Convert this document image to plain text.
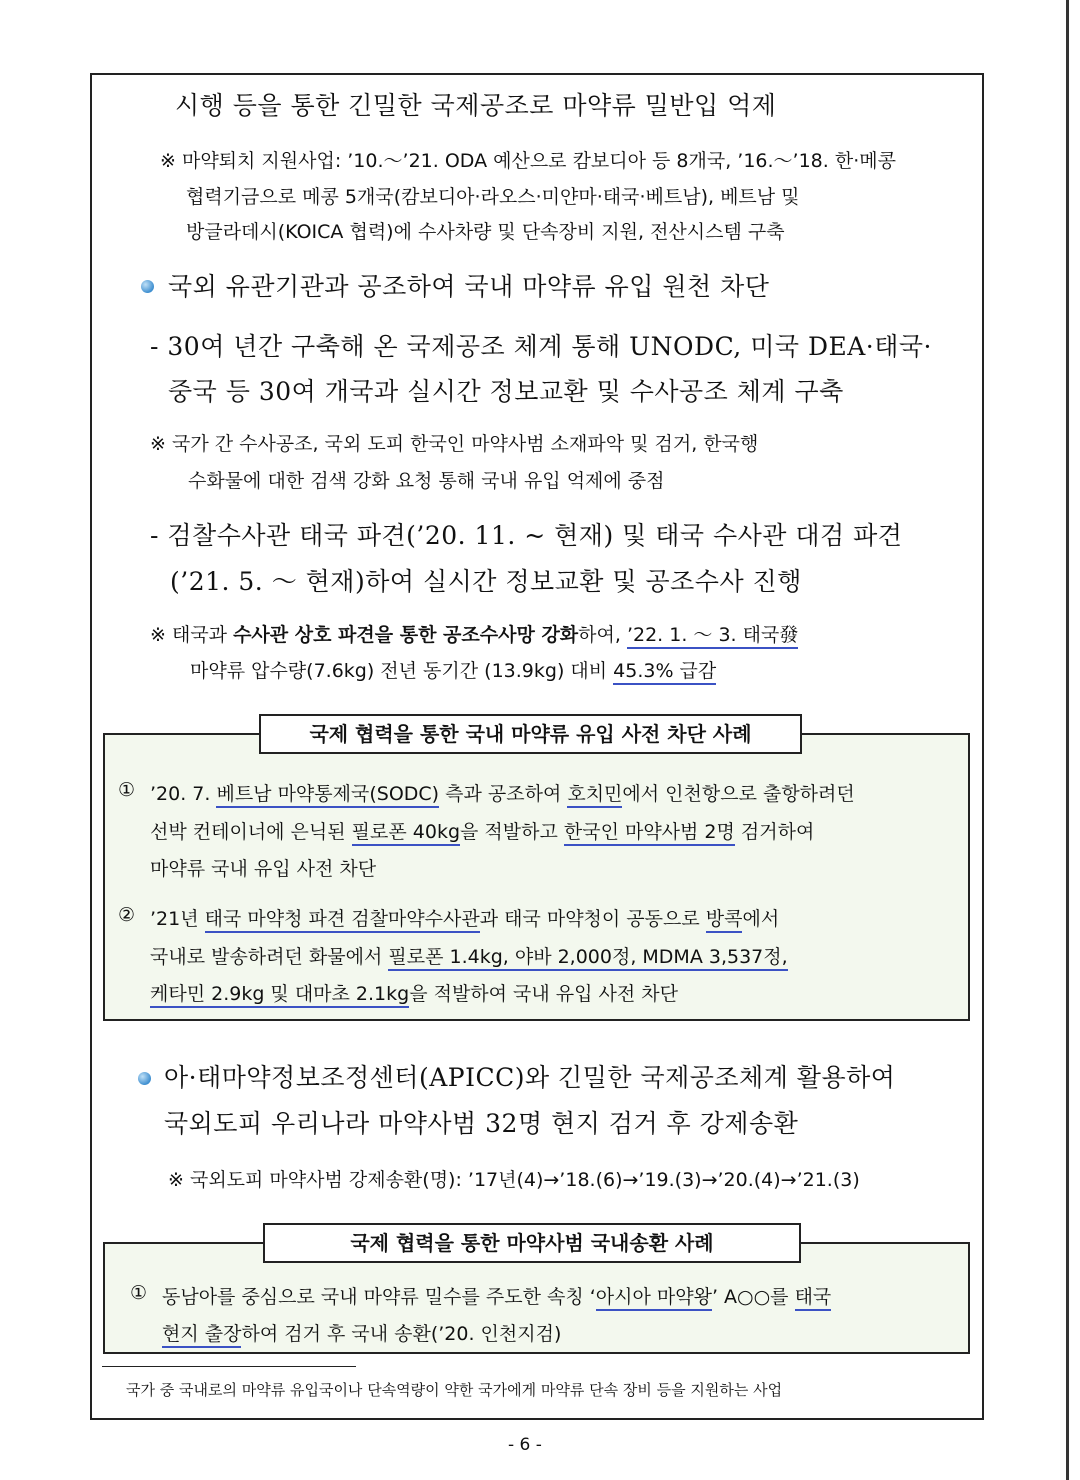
시행 등을 통한 긴밀한 국제공조로 마약류 밀반입 억제
※ 마약퇴치 지원사업: ’10.～’21. ODA 예산으로 캄보디아 등 8개국, ’16.～’18. 한·메콩
협력기금으로 메콩 5개국(캄보디아·라오스·미얀마·태국·베트남), 베트남 및
방글라데시(KOICA 협력)에 수사차량 및 단속장비 지원, 전산시스템 구축
국외 유관기관과 공조하여 국내 마약류 유입 원천 차단
- 30여 년간 구축해 온 국제공조 체계 통해 UNODC, 미국 DEA·태국·
중국 등 30여 개국과 실시간 정보교환 및 수사공조 체계 구축
※ 국가 간 수사공조, 국외 도피 한국인 마약사범 소재파악 및 검거, 한국행
수화물에 대한 검색 강화 요청 통해 국내 유입 억제에 중점
- 검찰수사관 태국 파견(’20. 11. ~ 현재) 및 태국 수사관 대검 파견
(’21. 5. ～ 현재)하여 실시간 정보교환 및 공조수사 진행
※ 태국과 수사관 상호 파견을 통한 공조수사망 강화하여, ’22. 1. ～ 3. 태국發
마약류 압수량(7.6kg) 전년 동기간 (13.9kg) 대비 45.3% 급감
국제 협력을 통한 국내 마약류 유입 사전 차단 사례
① ’20. 7. 베트남 마약통제국(SODC) 측과 공조하여 호치민에서 인천항으로 출항하려던
선박 컨테이너에 은닉된 필로폰 40kg을 적발하고 한국인 마약사범 2명 검거하여
마약류 국내 유입 사전 차단
② ’21년 태국 마약청 파견 검찰마약수사관과 태국 마약청이 공동으로 방콕에서
국내로 발송하려던 화물에서 필로폰 1.4kg, 야바 2,000정, MDMA 3,537정,
케타민 2.9kg 및 대마초 2.1kg을 적발하여 국내 유입 사전 차단
아·태마약정보조정센터(APICC)와 긴밀한 국제공조체계 활용하여
국외도피 우리나라 마약사범 32명 현지 검거 후 강제송환
※ 국외도피 마약사범 강제송환(명): ’17년(4)→’18.(6)→’19.(3)→’20.(4)→’21.(3)
국제 협력을 통한 마약사범 국내송환 사례
① 동남아를 중심으로 국내 마약류 밀수를 주도한 속칭 ‘아시아 마약왕’ A○○를 태국
현지 출장하여 검거 후 국내 송환(’20. 인천지검)
국가 중 국내로의 마약류 유입국이나 단속역량이 약한 국가에게 마약류 단속 장비 등을 지원하는 사업
- 6 -
